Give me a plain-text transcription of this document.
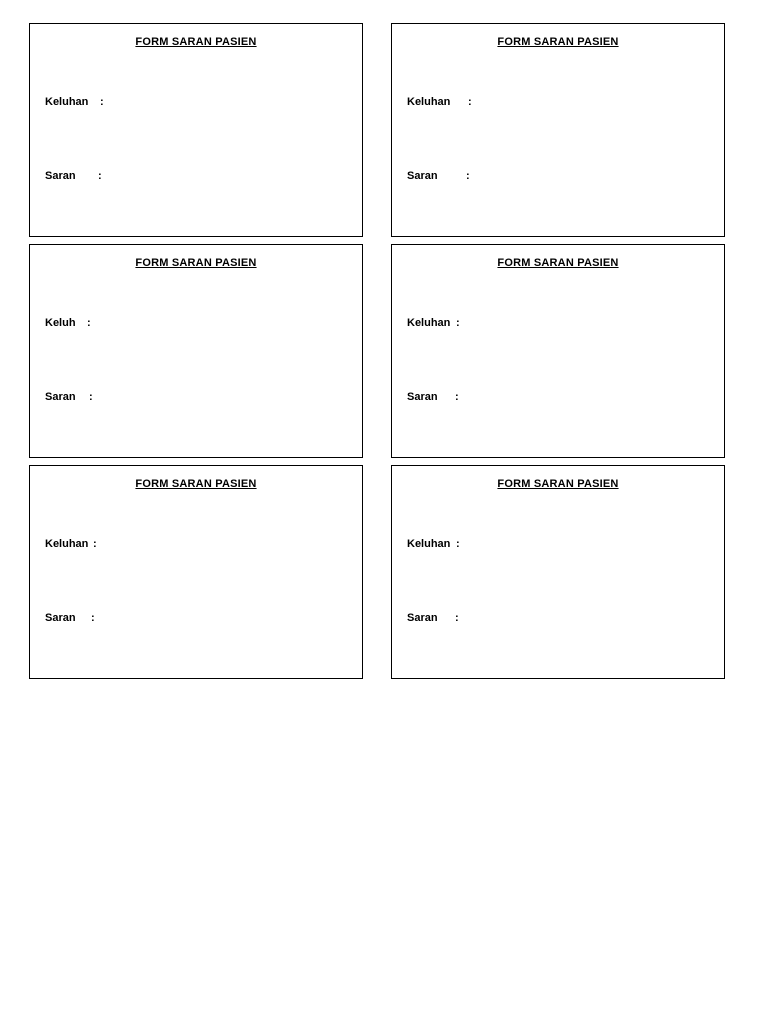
FORM SARAN PASIEN
Keluhan :
Saran :
FORM SARAN PASIEN
Keluhan :
Saran	:
FORM SARAN PASIEN
Keluh :
Saran :
FORM SARAN PASIEN
Keluhan :
Saran :
FORM SARAN PASIEN
Keluhan :
Saran :
FORM SARAN PASIEN
Keluhan :
Saran :
